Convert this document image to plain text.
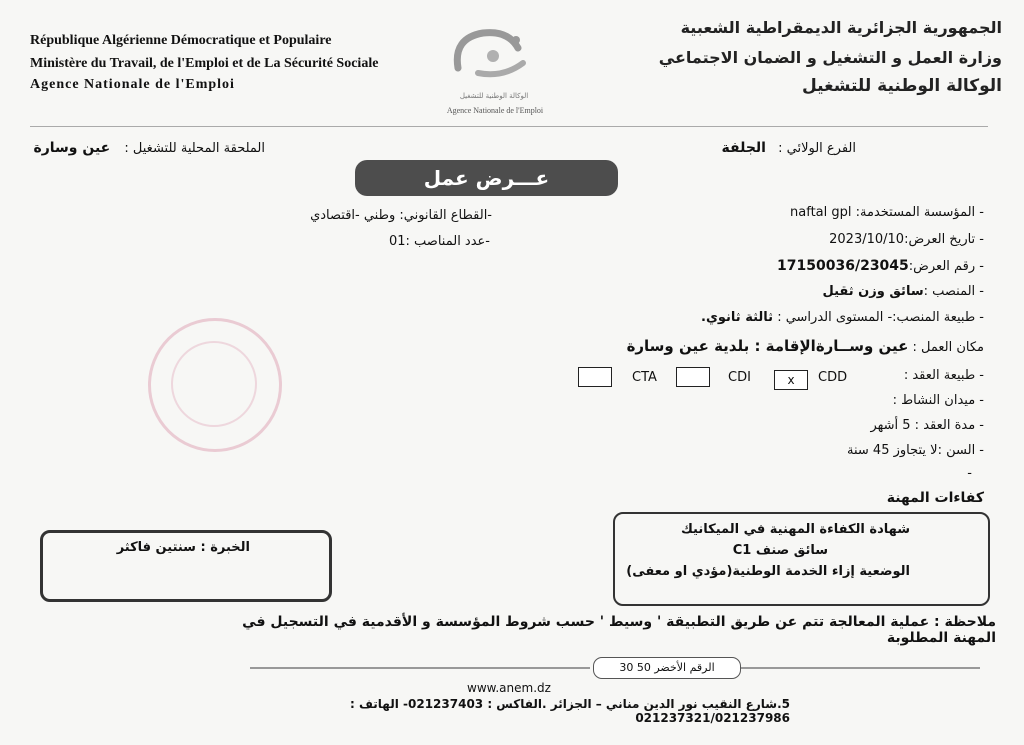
République Algérienne Démocratique et Populaire
Ministère du Travail, de l'Emploi et de La Sécurité Sociale
Agence Nationale de l'Emploi
الوكالة الوطنية للتشغيل
Agence Nationale de l'Emploi
الجمهورية الجزائرية الديمقراطية الشعبية
وزارة العمل و التشغيل و الضمان الاجتماعي
الوكالة الوطنية للتشغيل
الفرع الولائي : الجلفة
الملحقة المحلية للتشغيل : عين وسارة
عـــرض عمل
-القطاع القانوني: وطني -اقتصادي
-عدد المناصب :01
- المؤسسة المستخدمة: naftal gpl
- تاريخ العرض:2023/10/10
- رقم العرض:17150036/23045
- المنصب :سائق وزن ثقيل
- طبيعة المنصب:- المستوى الدراسي : ثالثة ثانوي.
مكان العمل : عين وســارةالإقامة : بلدية عين وسارة
- طبيعة العقد :
CDD
x
CDI
CTA
- ميدان النشاط :
- مدة العقد : 5 أشهر
- السن :لا يتجاوز 45 سنة
-
كفاءات المهنة
شهادة الكفاءة المهنية في الميكانيك
سائق صنف C1
الوضعية إزاء الخدمة الوطنية(مؤدي او معفى)
الخبرة : سنتين فاكثر
ملاحظة : عملية المعالجة تتم عن طريق التطبيقة ' وسيط ' حسب شروط المؤسسة و الأقدمية في التسجيل في المهنة المطلوبة
الرقم الأخضر 50 30
www.anem.dz
5.شارع النقيب نور الدين مناني – الجزائر .الفاكس : 021237403- الهاتف : 021237321/021237986
